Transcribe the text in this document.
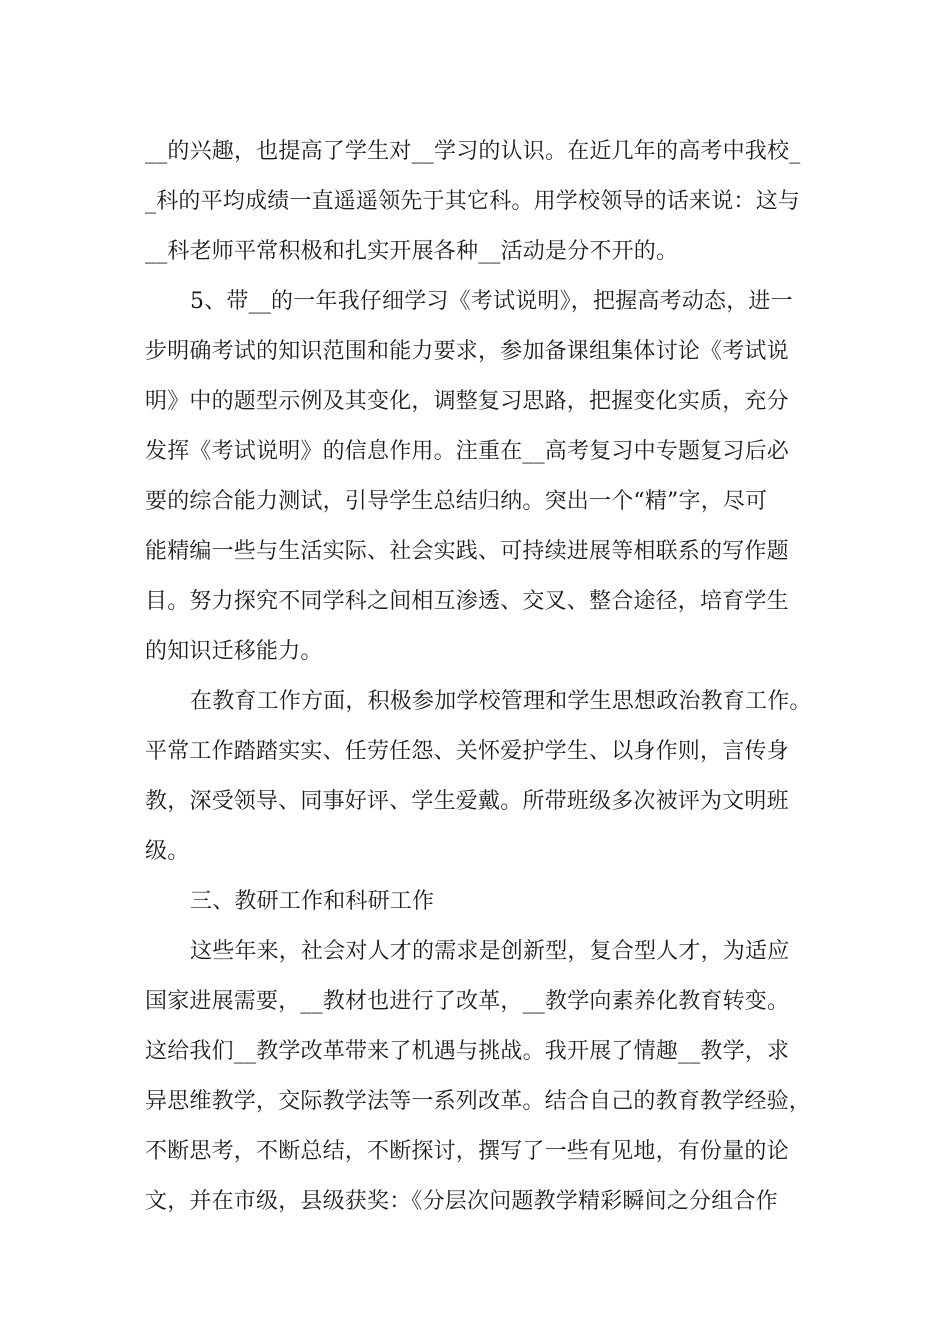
__的兴趣，也提高了学生对__学习的认识。在近几年的高考中我校_
_科的平均成绩一直遥遥领先于其它科。用学校领导的话来说：这与
__科老师平常积极和扎实开展各种__活动是分不开的。
5、带__的一年我仔细学习《考试说明》，把握高考动态，进一
步明确考试的知识范围和能力要求，参加备课组集体讨论《考试说
明》中的题型示例及其变化，调整复习思路，把握变化实质，充分
发挥《考试说明》的信息作用。注重在__高考复习中专题复习后必
要的综合能力测试，引导学生总结归纳。突出一个“精”字，尽可
能精编一些与生活实际、社会实践、可持续进展等相联系的写作题
目。努力探究不同学科之间相互渗透、交叉、整合途径，培育学生
的知识迁移能力。
在教育工作方面，积极参加学校管理和学生思想政治教育工作。
平常工作踏踏实实、任劳任怨、关怀爱护学生、以身作则，言传身
教，深受领导、同事好评、学生爱戴。所带班级多次被评为文明班
级。
三、教研工作和科研工作
这些年来，社会对人才的需求是创新型，复合型人才，为适应
国家进展需要，__教材也进行了改革，__教学向素养化教育转变。
这给我们__教学改革带来了机遇与挑战。我开展了情趣__教学，求
异思维教学，交际教学法等一系列改革。结合自己的教育教学经验，
不断思考，不断总结，不断探讨，撰写了一些有见地，有份量的论
文，并在市级，县级获奖：《分层次问题教学精彩瞬间之分组合作
